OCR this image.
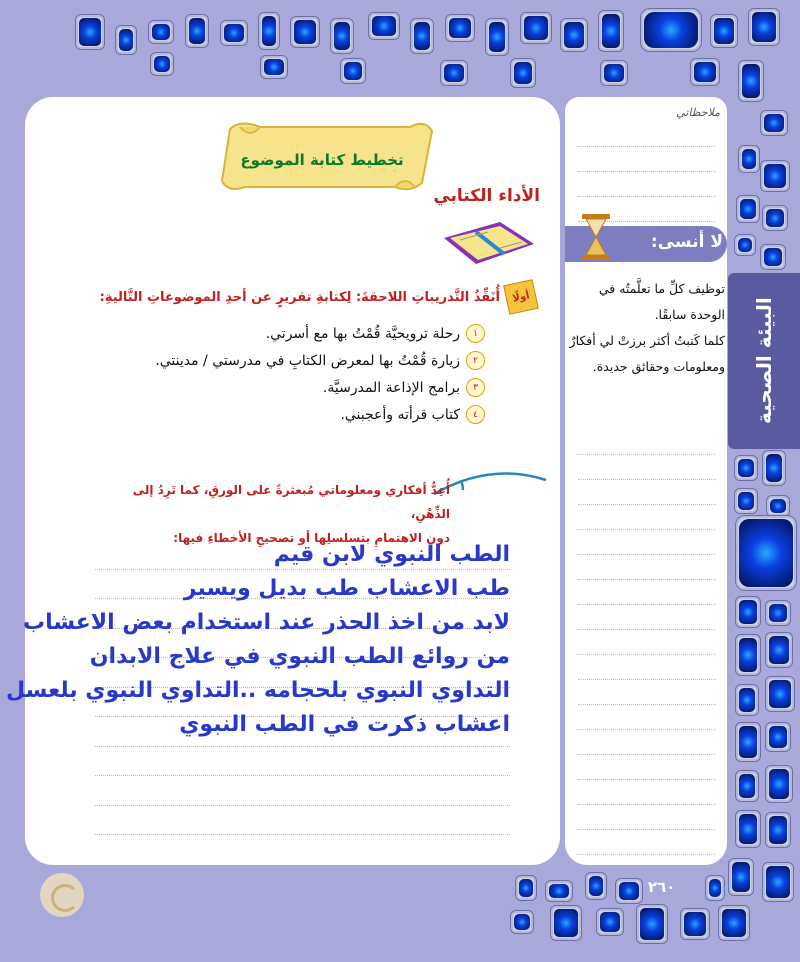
تخطيط كتابة الموضوع
الأداء الكتابي
أولًا
أُنَفِّذُ التَّدريباتِ اللاحقةَ: لِكتابةِ تقريرٍ عن أحدِ الموضوعاتِ التَّاليةِ:
١
رحلة ترويحيَّة قُمْتُ بها مع أسرتي.
٢
زيارة قُمْتُ بها لمعرض الكتابِ في مدرستي / مدينتي.
٣
برامج الإذاعة المدرسيَّة.
٤
كتاب قرأته وأعجبني.
١
أُعِدُّ أفكاري ومعلوماتي مُبعثرةً على الورقِ، كما تَرِدُ إلى الذِّهْنِ،
دون الاهتمامِ بتسلسلِها أو تصحيحِ الأخطاءِ فيها:
الطب النبوي لابن قيم
طب الاعشاب طب بديل ويسير
لابد من اخذ الحذر عند استخدام بعض الاعشاب
من روائع الطب النبوي في علاج الابدان
التداوي النبوي بلحجامه ..التداوي النبوي بلعسل
اعشاب ذكرت في الطب النبوي
ملاحظاتي
لا أنسى:
توظيف كلِّ ما تعلَّمتُه في الوحدة سابقًا.
كلما كَتبتُ أكثر برزتْ لي أفكارٌ ومعلومات وحقائق جديدة.	البيئة الصحية
٢٦٠
